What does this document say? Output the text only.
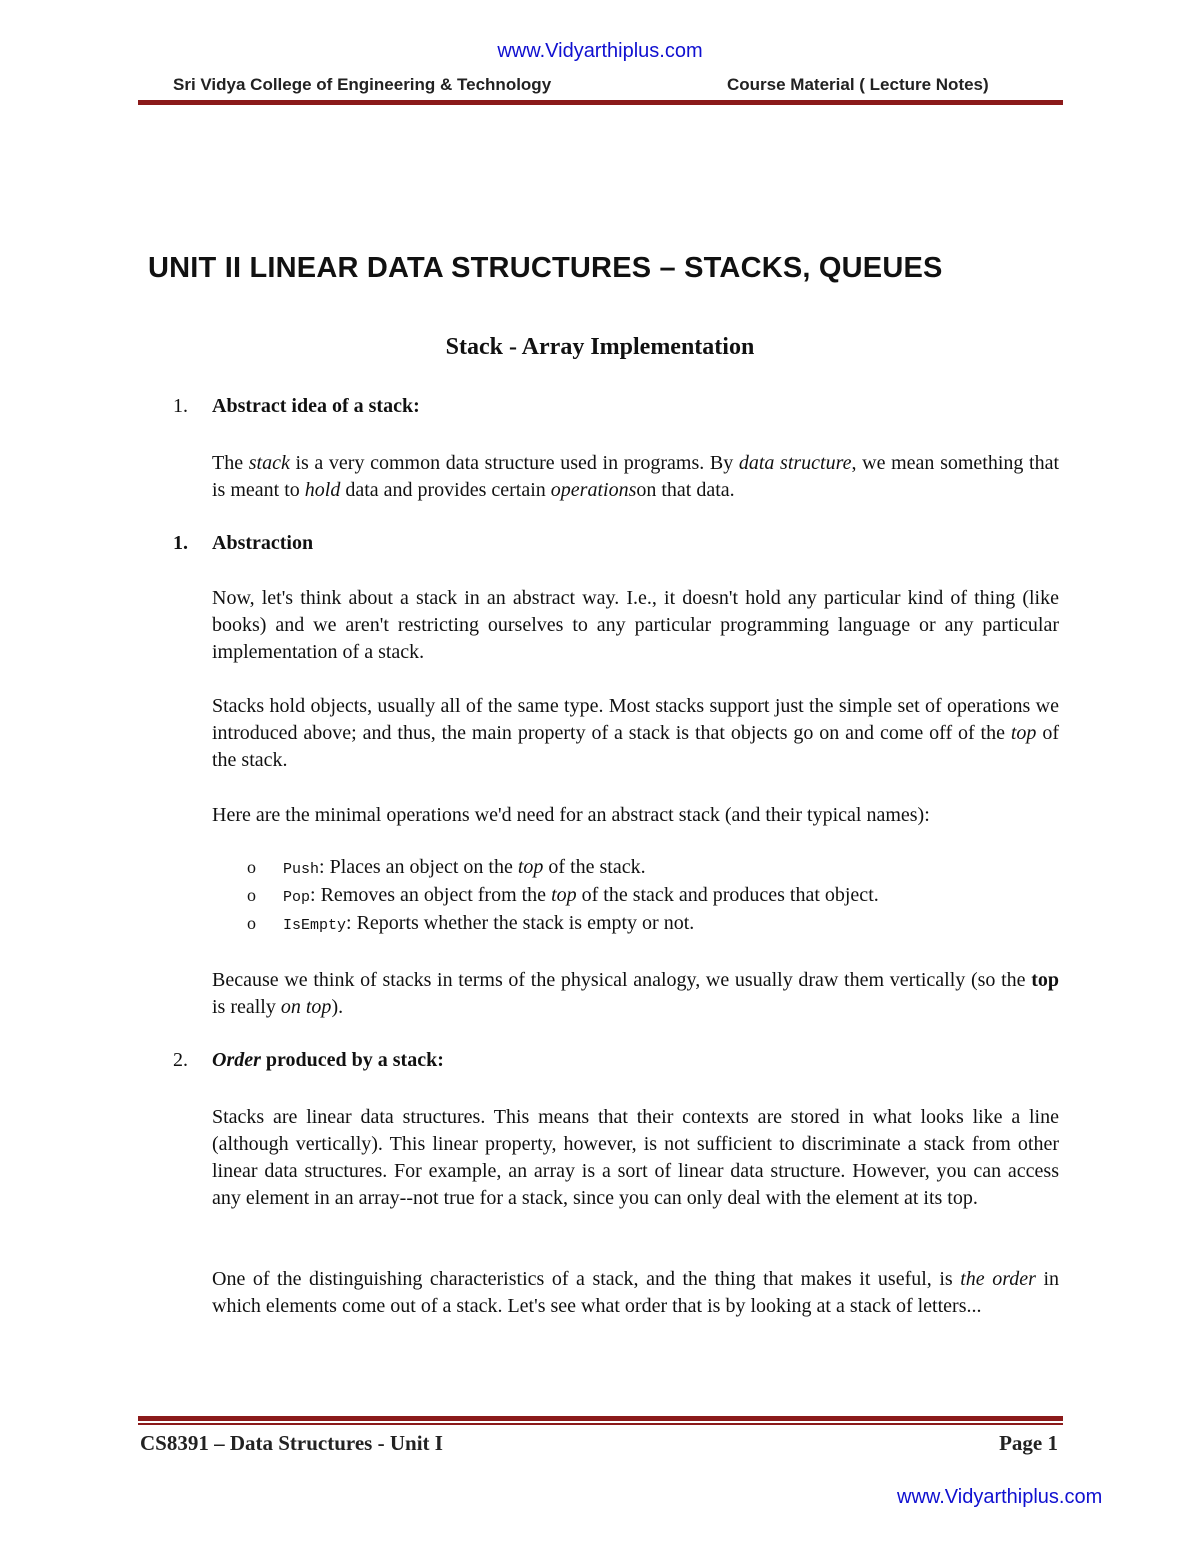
www.Vidyarthiplus.com
Sri Vidya College of Engineering & Technology	Course Material ( Lecture Notes)
UNIT II LINEAR DATA STRUCTURES – STACKS, QUEUES
Stack - Array Implementation
1. Abstract idea of a stack:
The stack is a very common data structure used in programs. By data structure, we mean something that is meant to hold data and provides certain operationson that data.
1. Abstraction
Now, let's think about a stack in an abstract way. I.e., it doesn't hold any particular kind of thing (like books) and we aren't restricting ourselves to any particular programming language or any particular implementation of a stack.
Stacks hold objects, usually all of the same type. Most stacks support just the simple set of operations we introduced above; and thus, the main property of a stack is that objects go on and come off of the top of the stack.
Here are the minimal operations we'd need for an abstract stack (and their typical names):
o Push: Places an object on the top of the stack.
o Pop: Removes an object from the top of the stack and produces that object.
o IsEmpty: Reports whether the stack is empty or not.
Because we think of stacks in terms of the physical analogy, we usually draw them vertically (so the top is really on top).
2. Order produced by a stack:
Stacks are linear data structures. This means that their contexts are stored in what looks like a line (although vertically). This linear property, however, is not sufficient to discriminate a stack from other linear data structures. For example, an array is a sort of linear data structure. However, you can access any element in an array--not true for a stack, since you can only deal with the element at its top.
One of the distinguishing characteristics of a stack, and the thing that makes it useful, is the order in which elements come out of a stack. Let's see what order that is by looking at a stack of letters...
CS8391 – Data Structures - Unit I	Page 1
www.Vidyarthiplus.com
